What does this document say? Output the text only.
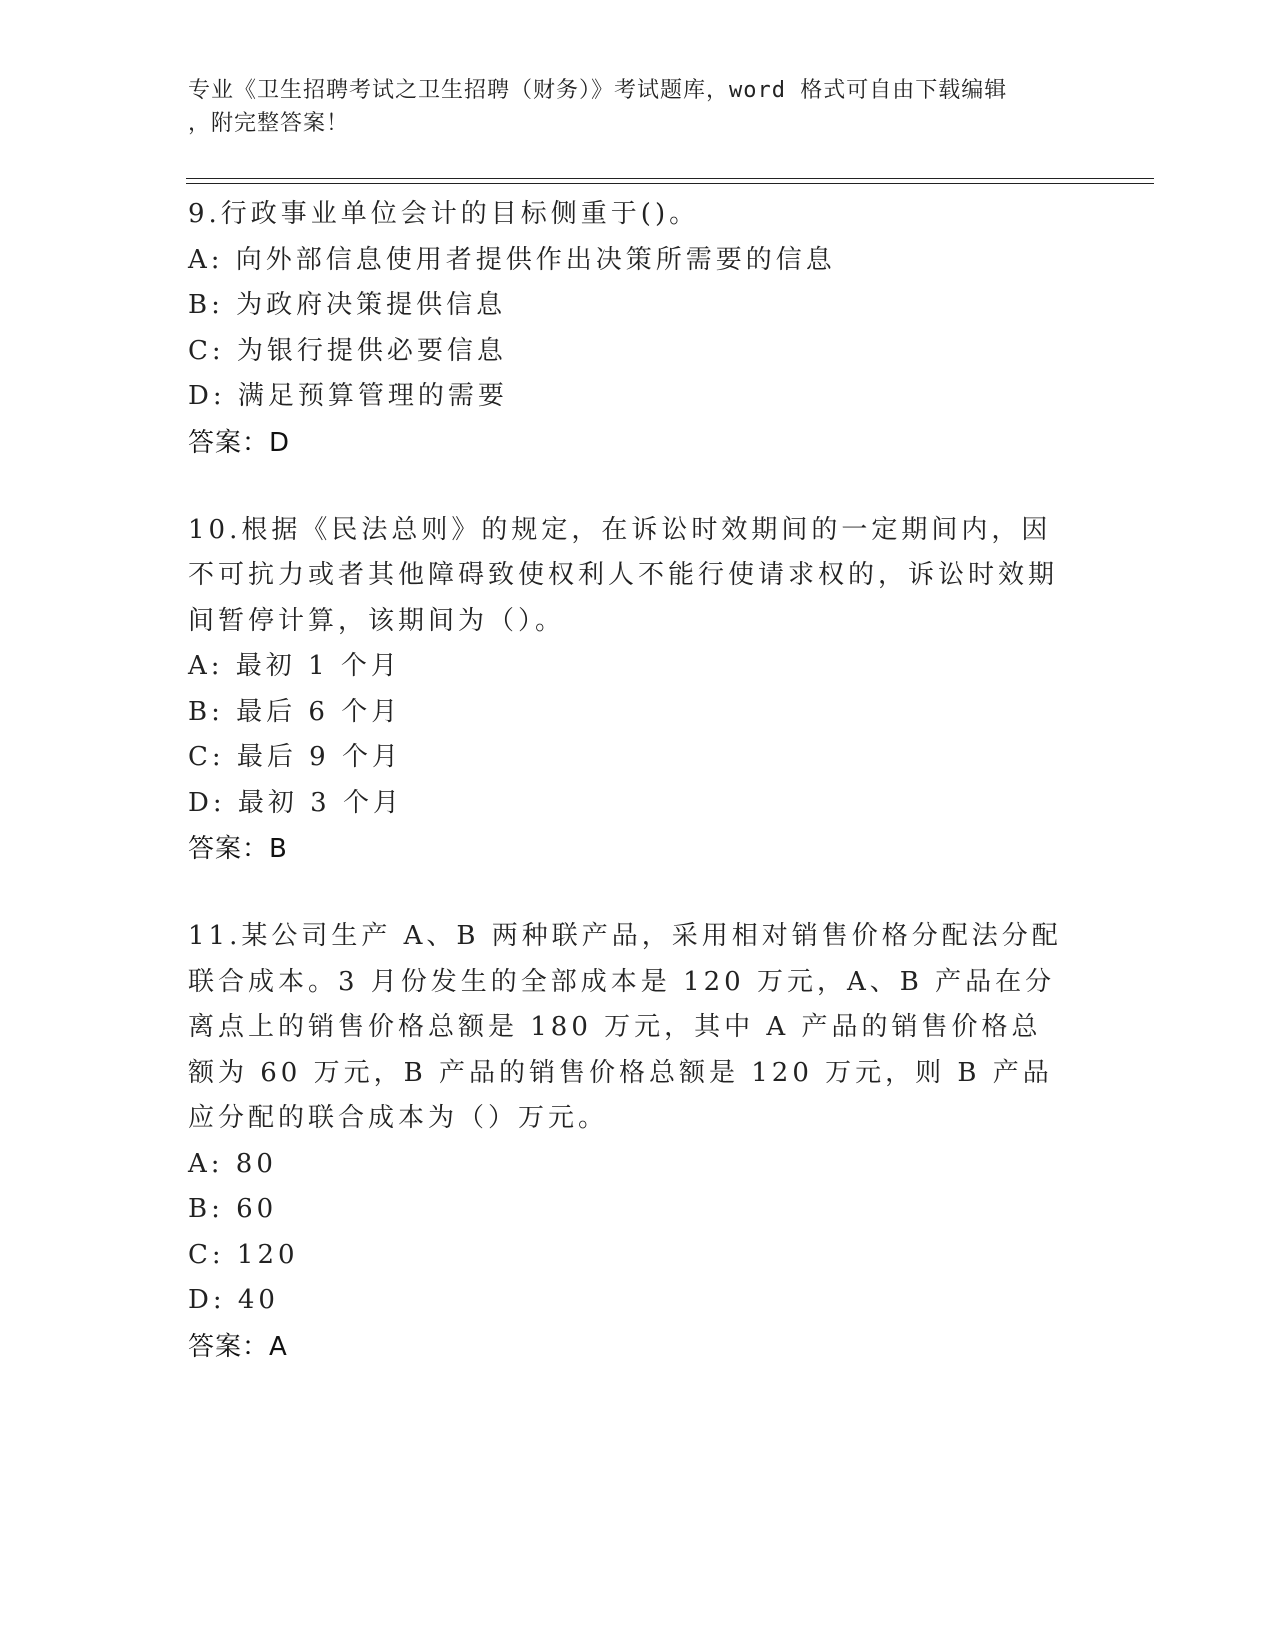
专业《卫生招聘考试之卫生招聘（财务）》考试题库，word 格式可自由下载编辑
，附完整答案！

9.行政事业单位会计的目标侧重于()。

A: 向外部信息使用者提供作出决策所需要的信息
B: 为政府决策提供信息
C: 为银行提供必要信息
D: 满足预算管理的需要
答案：D

10.根据《民法总则》的规定，在诉讼时效期间的一定期间内，因不可抗力或者其他障碍致使权利人不能行使请求权的，诉讼时效期间暂停计算，该期间为（）。

A: 最初 1 个月
B: 最后 6 个月
C: 最后 9 个月
D: 最初 3 个月
答案：B

11.某公司生产 A、B 两种联产品，采用相对销售价格分配法分配联合成本。3 月份发生的全部成本是 120 万元，A、B 产品在分离点上的销售价格总额是 180 万元，其中 A 产品的销售价格总额为 60 万元，B 产品的销售价格总额是 120 万元，则 B 产品应分配的联合成本为（）万元。

A: 80
B: 60
C: 120
D: 40
答案：A
